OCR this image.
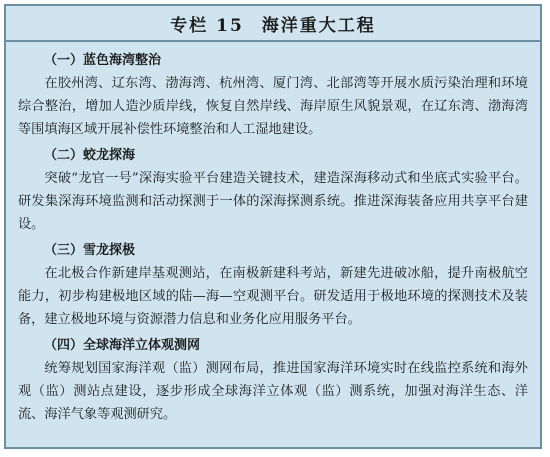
专栏 15 海洋重大工程
（一）蓝色海湾整治

在胶州湾、辽东湾、渤海湾、杭州湾、厦门湾、北部湾等开展水质污染治理和环境综合整治，增加人造沙质岸线，恢复自然岸线、海岸原生风貌景观，在辽东湾、渤海湾等围填海区域开展补偿性环境整治和人工湿地建设。

（二）蛟龙探海

突破“龙官一号”深海实验平台建造关键技术，建造深海移动式和坐底式实验平台。研发集深海环境监测和活动探测于一体的深海探测系统。推进深海装备应用共享平台建设。

（三）雪龙探极

在北极合作新建岸基观测站，在南极新建科考站，新建先进破冰船，提升南极航空能力，初步构建极地区域的陆—海—空观测平台。研发适用于极地环境的探测技术及装备，建立极地环境与资源潜力信息和业务化应用服务平台。

（四）全球海洋立体观测网

统筹规划国家海洋观（监）测网布局，推进国家海洋环境实时在线监控系统和海外观（监）测站点建设，逐步形成全球海洋立体观（监）测系统，加强对海洋生态、洋流、海洋气象等观测研究。
